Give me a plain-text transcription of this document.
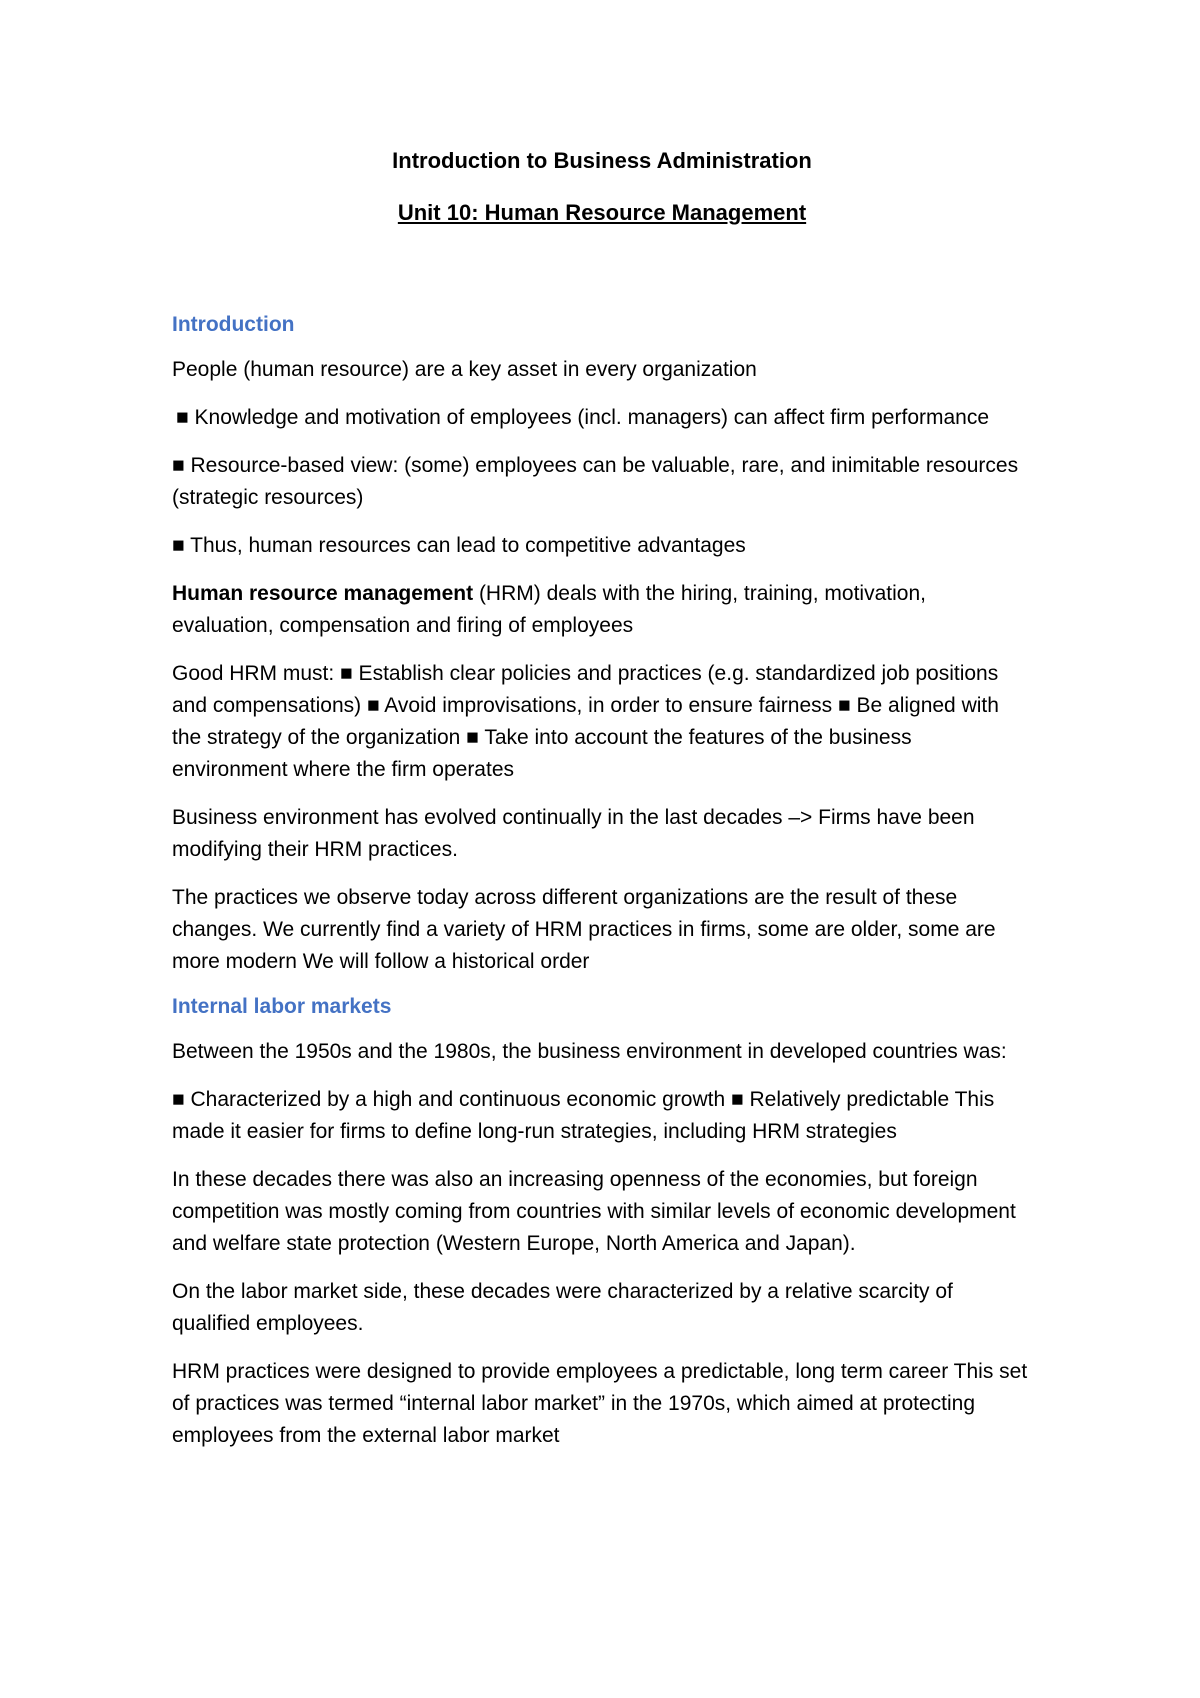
Introduction to Business Administration

Unit 10: Human Resource Management

Introduction

People (human resource) are a key asset in every organization

■ Knowledge and motivation of employees (incl. managers) can affect firm performance

■ Resource-based view: (some) employees can be valuable, rare, and inimitable resources (strategic resources)

■ Thus, human resources can lead to competitive advantages

Human resource management (HRM) deals with the hiring, training, motivation, evaluation, compensation and firing of employees

Good HRM must: ■ Establish clear policies and practices (e.g. standardized job positions and compensations) ■ Avoid improvisations, in order to ensure fairness ■ Be aligned with the strategy of the organization ■ Take into account the features of the business environment where the firm operates

Business environment has evolved continually in the last decades –> Firms have been modifying their HRM practices.

The practices we observe today across different organizations are the result of these changes. We currently find a variety of HRM practices in firms, some are older, some are more modern We will follow a historical order

Internal labor markets

Between the 1950s and the 1980s, the business environment in developed countries was:

■ Characterized by a high and continuous economic growth ■ Relatively predictable This made it easier for firms to define long-run strategies, including HRM strategies

In these decades there was also an increasing openness of the economies, but foreign competition was mostly coming from countries with similar levels of economic development and welfare state protection (Western Europe, North America and Japan).

On the labor market side, these decades were characterized by a relative scarcity of qualified employees.

HRM practices were designed to provide employees a predictable, long term career This set of practices was termed “internal labor market” in the 1970s, which aimed at protecting employees from the external labor market
